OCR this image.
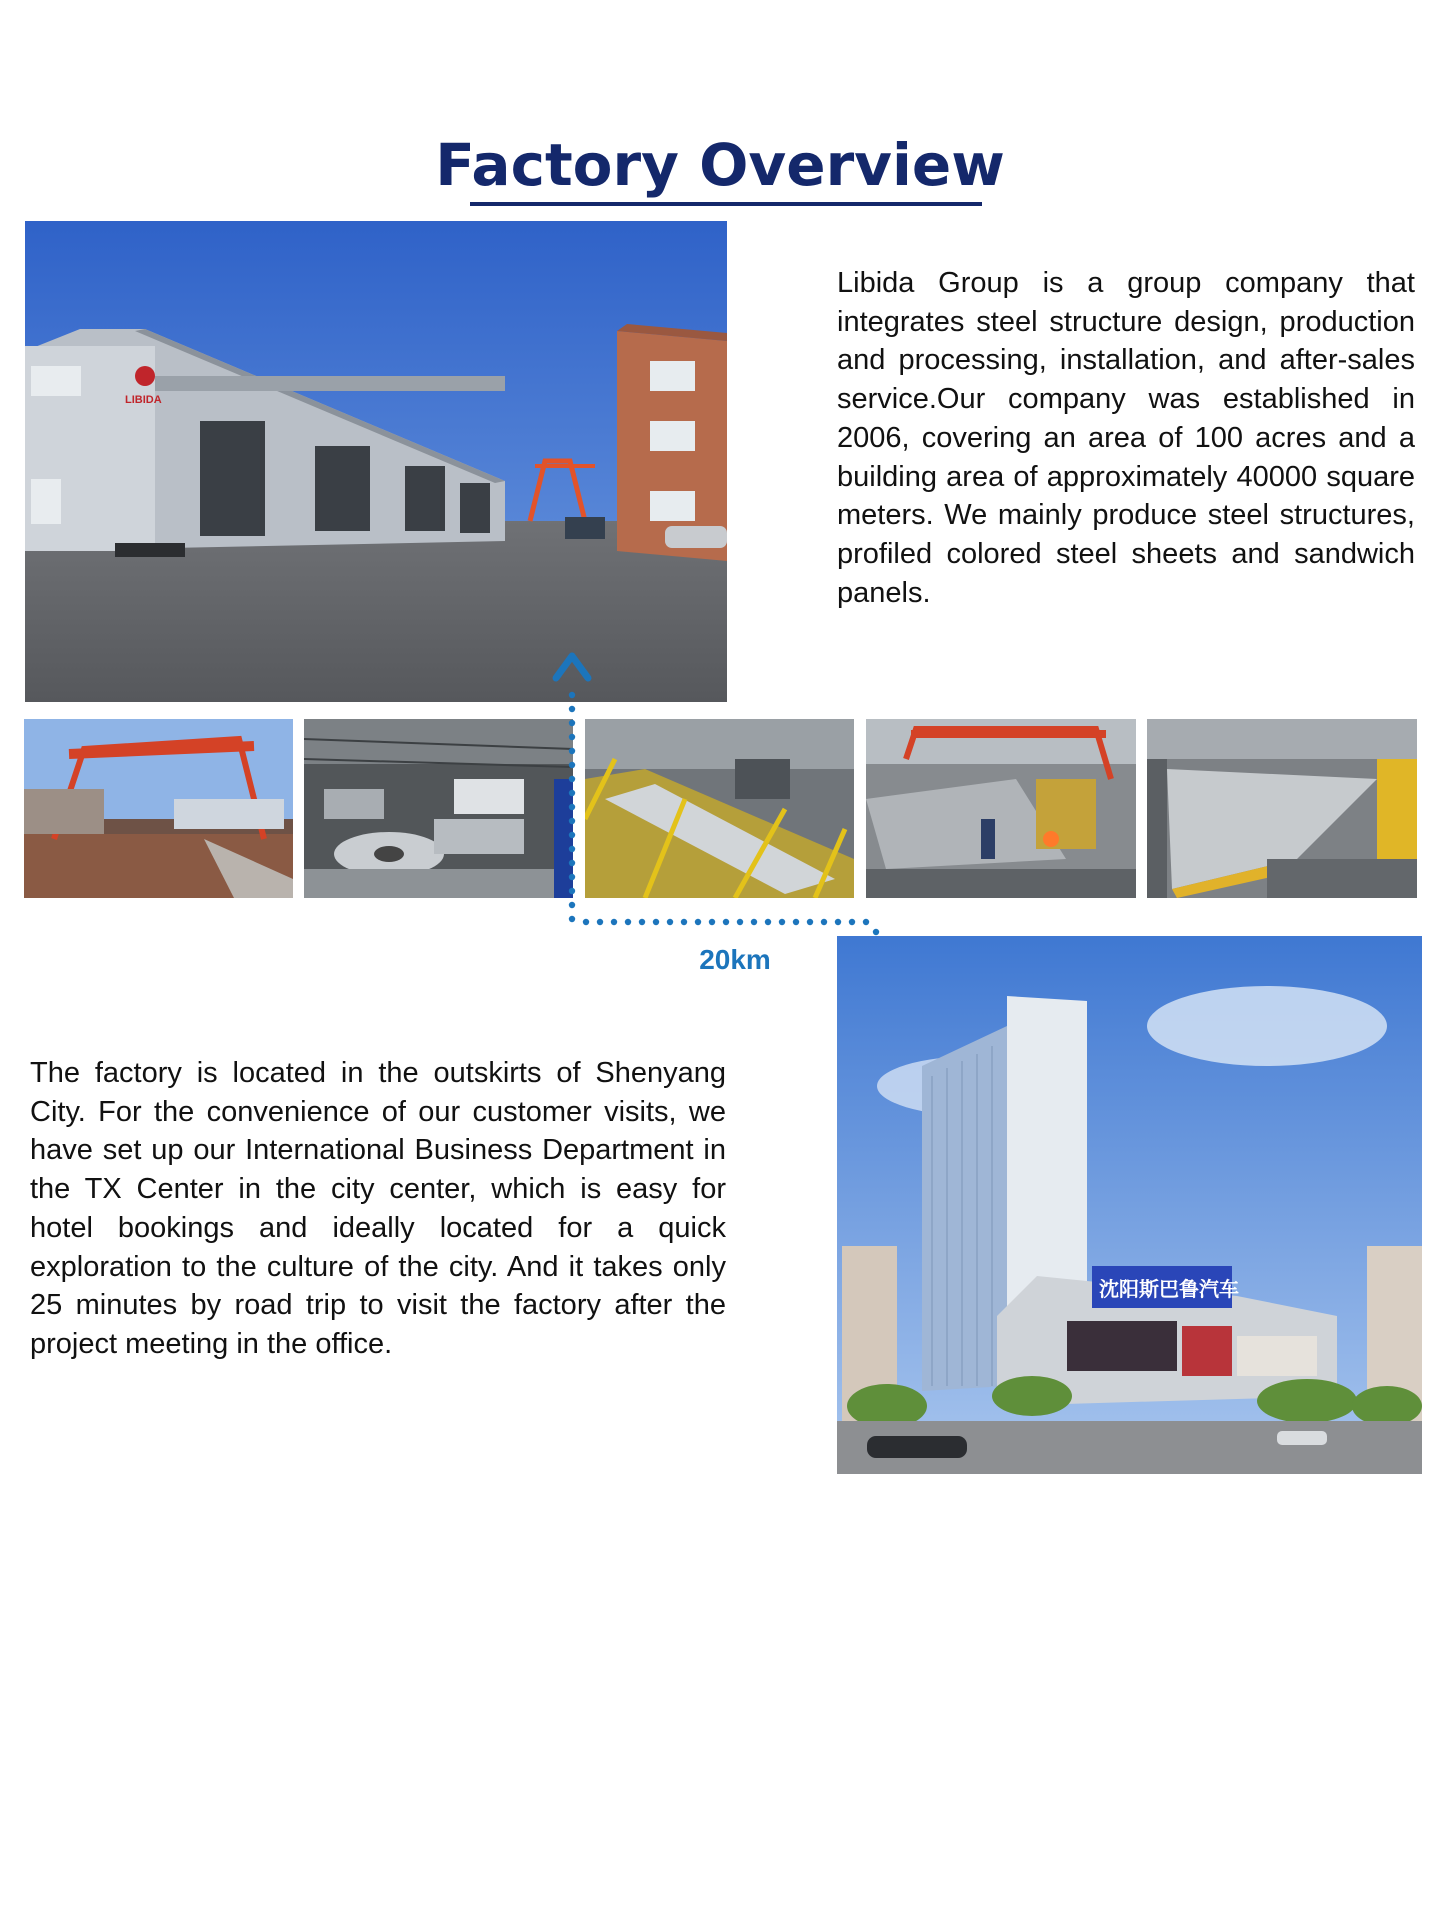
Factory Overview
LIBIDA

Libida Group is a group company that integrates steel structure design, production and processing, installation, and after-sales service.Our company was established in 2006, covering an area of 100 acres and a building area of approximately 40000 square meters. We mainly produce steel structures, profiled colored steel sheets and sandwich panels.

20km

The factory is located in the outskirts of Shenyang City. For the convenience of our customer visits, we have set up our International Business Department in the TX Center in the city center, which is easy for hotel bookings and ideally located for a quick exploration to the culture of the city. And it takes only 25 minutes by road trip to visit the factory after the project meeting in the office.

沈阳斯巴鲁汽车
